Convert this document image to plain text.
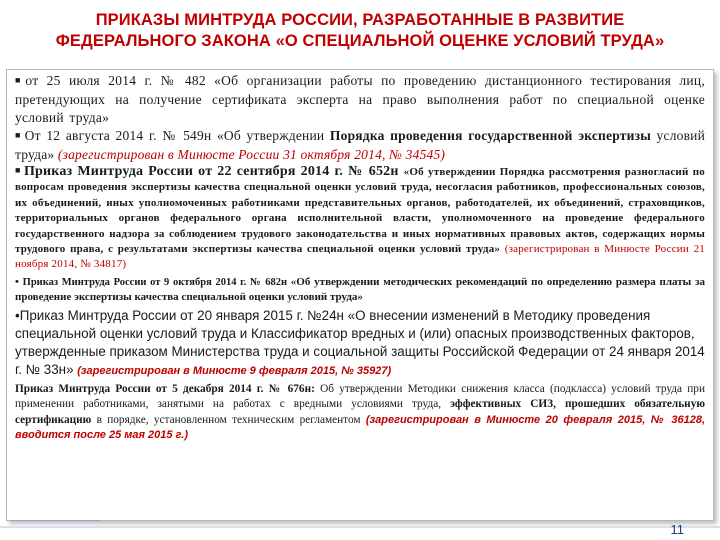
ПРИКАЗЫ МИНТРУДА РОССИИ, РАЗРАБОТАННЫЕ В РАЗВИТИЕ
ФЕДЕРАЛЬНОГО ЗАКОНА «О СПЕЦИАЛЬНОЙ ОЦЕНКЕ УСЛОВИЙ ТРУДА»

■ от 25 июля 2014 г. № 482 «Об организации работы по проведению дистанционного тестирования лиц, претендующих на получение сертификата эксперта на право выполнения работ по специальной оценке условий труда»

■ От 12 августа 2014 г. № 549н «Об утверждении Порядка проведения государственной экспертизы условий труда» (зарегистрирован в Минюсте России 31 октября 2014, № 34545)

■ Приказ Минтруда России от 22 сентября 2014 г. № 652н «Об утверждении Порядка рассмотрения разногласий по вопросам проведения экспертизы качества специальной оценки условий труда, несогласия работников, профессиональных союзов, их объединений, иных уполномоченных работниками представительных органов, работодателей, их объединений, страховщиков, территориальных органов федерального органа исполнительной власти, уполномоченного на проведение федерального государственного надзора за соблюдением трудового законодательства и иных нормативных правовых актов, содержащих нормы трудового права, с результатами экспертизы качества специальной оценки условий труда» (зарегистрирован в Минюсте России 21 ноября 2014, № 34817)

• Приказ Минтруда России от 9 октября 2014 г. № 682н «Об утверждении методических рекомендаций по определению размера платы за проведение экспертизы качества специальной оценки условий труда»

•Приказ Минтруда России от 20 января 2015 г. №24н «О внесении изменений в Методику проведения специальной оценки условий труда и Классификатор вредных и (или) опасных производственных факторов, утвержденные приказом Министерства труда и социальной защиты Российской Федерации от 24 января 2014 г. № 33н» (зарегистрирован в Минюсте 9 февраля 2015, № 35927)

Приказ Минтруда России от 5 декабря 2014 г. № 676н: Об утверждении Методики снижения класса (подкласса) условий труда при применении работниками, занятыми на работах с вредными условиями труда, эффективных СИЗ, прошедших обязательную сертификацию в порядке, установленном техническим регламентом (зарегистрирован в Минюсте 20 февраля 2015, № 36128, вводится после 25 мая 2015 г.)

11
